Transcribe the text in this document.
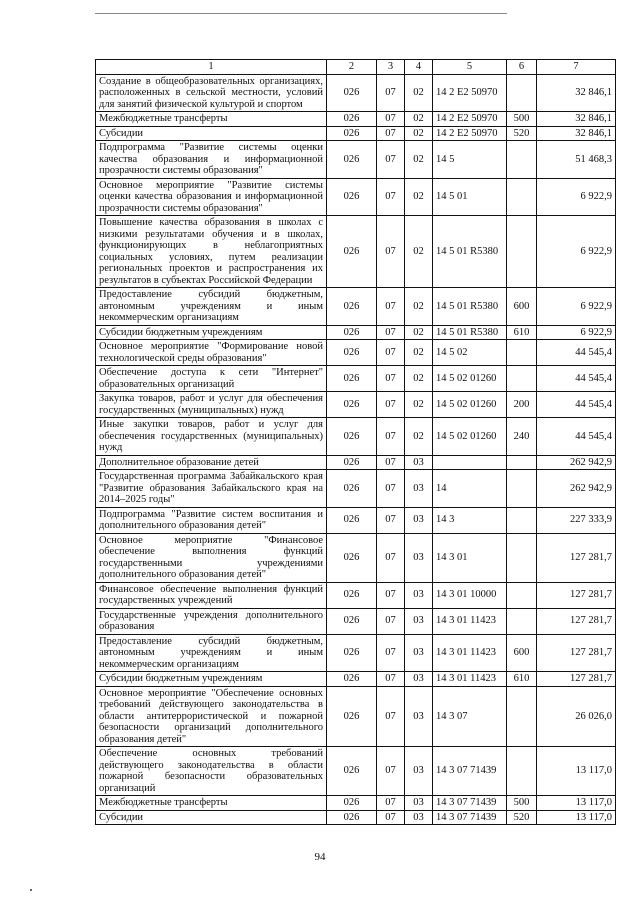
1	2	3	4	5	6	7
Создание в общеобразовательных организациях, расположенных в сельской местности, условий для занятий физической культурой и спортом	026	07	02	14 2 Е2 50970		32 846,1
Межбюджетные трансферты	026	07	02	14 2 Е2 50970	500	32 846,1
Субсидии	026	07	02	14 2 Е2 50970	520	32 846,1
Подпрограмма "Развитие системы оценки качества образования и информационной прозрачности системы образования"	026	07	02	14 5		51 468,3
Основное мероприятие "Развитие системы оценки качества образования и информационной прозрачности системы образования"	026	07	02	14 5 01		6 922,9
Повышение качества образования в школах с низкими результатами обучения и в школах, функционирующих в неблагоприятных социальных условиях, путем реализации региональных проектов и распространения их результатов в субъектах Российской Федерации	026	07	02	14 5 01 R5380		6 922,9
Предоставление субсидий бюджетным, автономным учреждениям и иным некоммерческим организациям	026	07	02	14 5 01 R5380	600	6 922,9
Субсидии бюджетным учреждениям	026	07	02	14 5 01 R5380	610	6 922,9
Основное мероприятие "Формирование новой технологической среды образования"	026	07	02	14 5 02		44 545,4
Обеспечение доступа к сети "Интернет" образовательных организаций	026	07	02	14 5 02 01260		44 545,4
Закупка товаров, работ и услуг для обеспечения государственных (муниципальных) нужд	026	07	02	14 5 02 01260	200	44 545,4
Иные закупки товаров, работ и услуг для обеспечения государственных (муниципальных) нужд	026	07	02	14 5 02 01260	240	44 545,4
Дополнительное образование детей	026	07	03			262 942,9
Государственная программа Забайкальского края "Развитие образования Забайкальского края на 2014–2025 годы"	026	07	03	14		262 942,9
Подпрограмма "Развитие систем воспитания и дополнительного образования детей"	026	07	03	14 3		227 333,9
Основное мероприятие "Финансовое обеспечение выполнения функций государственными учреждениями дополнительного образования детей"	026	07	03	14 3 01		127 281,7
Финансовое обеспечение выполнения функций государственных учреждений	026	07	03	14 3 01 10000		127 281,7
Государственные учреждения дополнительного образования	026	07	03	14 3 01 11423		127 281,7
Предоставление субсидий бюджетным, автономным учреждениям и иным некоммерческим организациям	026	07	03	14 3 01 11423	600	127 281,7
Субсидии бюджетным учреждениям	026	07	03	14 3 01 11423	610	127 281,7
Основное мероприятие "Обеспечение основных требований действующего законодательства в области антитеррористической и пожарной безопасности организаций дополнительного образования детей"	026	07	03	14 3 07		26 026,0
Обеспечение основных требований действующего законодательства в области пожарной безопасности образовательных организаций	026	07	03	14 3 07 71439		13 117,0
Межбюджетные трансферты	026	07	03	14 3 07 71439	500	13 117,0
Субсидии	026	07	03	14 3 07 71439	520	13 117,0
94
